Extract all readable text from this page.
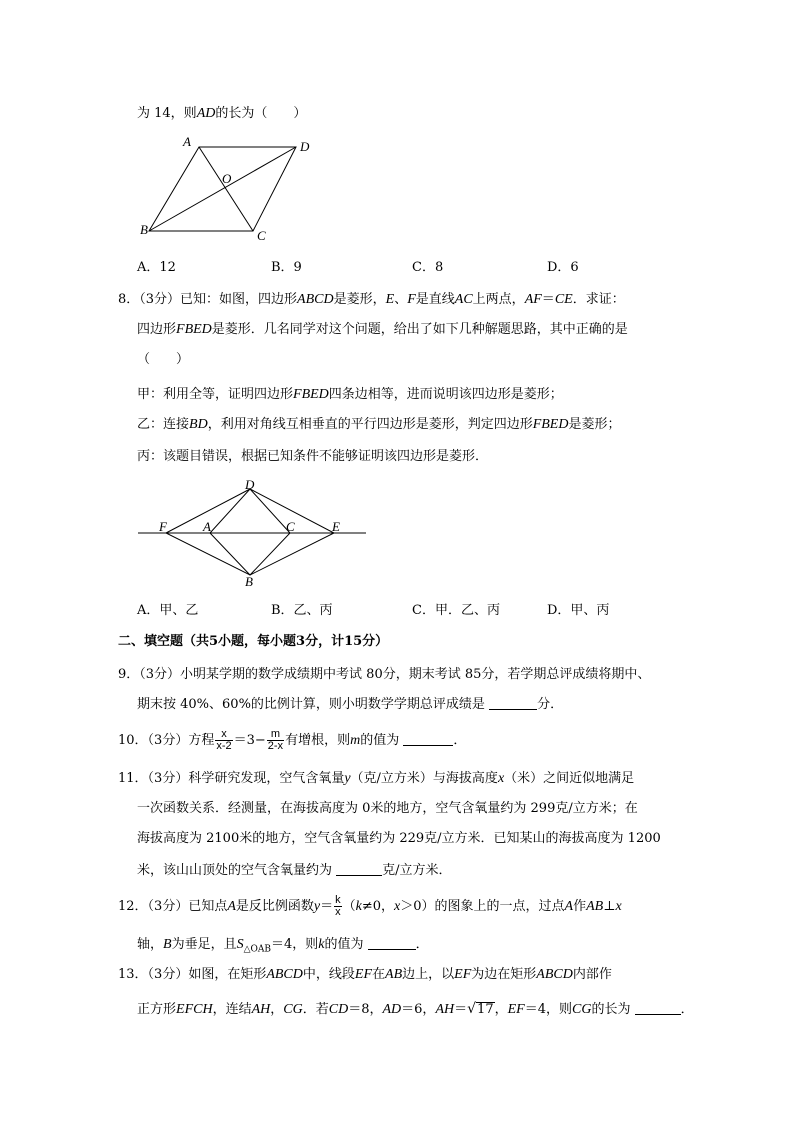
为 14，则AD的长为（　　）
A	D
O
B	C
A．12	B．9	C．8	D．6
8．（3分）已知：如图，四边形ABCD是菱形，E、F是直线AC上两点，AF＝CE．求证：
四边形FBED是菱形．几名同学对这个问题，给出了如下几种解题思路，其中正确的是
（　　）
甲：利用全等，证明四边形FBED四条边相等，进而说明该四边形是菱形；
乙：连接BD，利用对角线互相垂直的平行四边形是菱形，判定四边形FBED是菱形；
丙：该题目错误，根据已知条件不能够证明该四边形是菱形．
D
F	A	C	E
B
A．甲、乙	B．乙、丙	C．甲．乙、丙	D．甲、丙
二、填空题（共5小题，每小题3分，计15分）
9．（3分）小明某学期的数学成绩期中考试 80分，期末考试 85分，若学期总评成绩将期中、
期末按 40%、60%的比例计算，则小明数学学期总评成绩是	分．
10．（3分）方程 $\frac{x}{x-2} =3- \frac{m}{2-x}$ 有增根，则m的值为	．
11．（3分）科学研究发现，空气含氧量y（克/立方米）与海拔高度x（米）之间近似地满足
一次函数关系．经测量，在海拔高度为 0米的地方，空气含氧量约为 299克/立方米；在
海拔高度为 2100米的地方，空气含氧量约为 229克/立方米．已知某山的海拔高度为 1200
米，该山山顶处的空气含氧量约为	克/立方米．
12．（3分）已知点A是反比例函数$y= \frac{k}{x} (k\ne 0$，x＞0）的图象上的一点，过点A作AB⊥x
轴，B为垂足，且$S_{\triangle OAB}=4$，则k的值为	．
13．（3分）如图，在矩形ABCD中，线段EF在AB边上，以EF为边在矩形ABCD内部作
正方形EFCH，连结AH，CG．若CD＝8，AD＝6，AH＝√17，EF＝4，则CG的长为	．
